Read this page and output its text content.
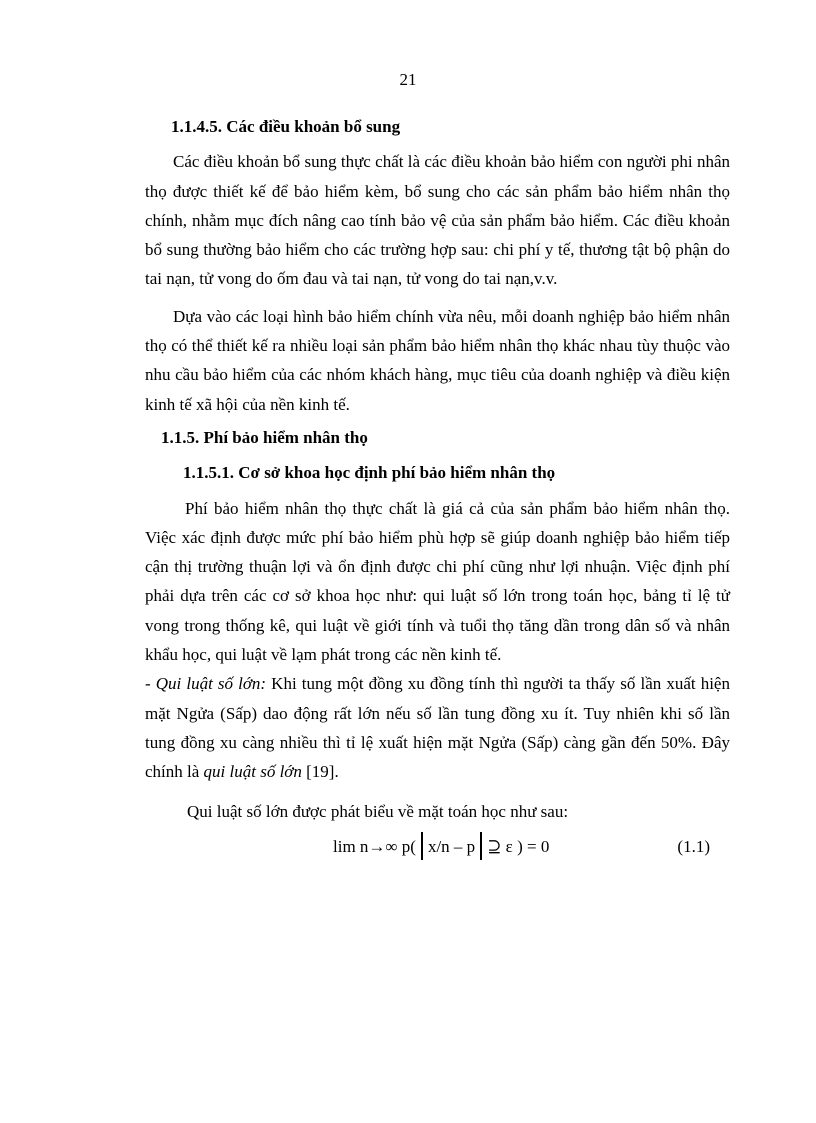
21

1.1.4.5. Các điều khoản bổ sung

Các điều khoản bổ sung thực chất là các điều khoản bảo hiểm con người phi nhân thọ được thiết kế để bảo hiểm kèm, bổ sung cho các sản phẩm bảo hiểm nhân thọ chính, nhằm mục đích nâng cao tính bảo vệ của sản phẩm bảo hiểm. Các điều khoản bổ sung thường bảo hiểm cho các trường hợp sau: chi phí y tế, thương tật bộ phận do tai nạn, tử vong do ốm đau và tai nạn, tử vong do tai nạn,v.v.

Dựa vào các loại hình bảo hiểm chính vừa nêu, mỗi doanh nghiệp bảo hiểm nhân thọ có thể thiết kế ra nhiều loại sản phẩm bảo hiểm nhân thọ khác nhau tùy thuộc vào nhu cầu bảo hiểm của các nhóm khách hàng, mục tiêu của doanh nghiệp và điều kiện kinh tế xã hội của nền kinh tế.

1.1.5. Phí bảo hiểm nhân thọ

1.1.5.1. Cơ sở khoa học định phí bảo hiểm nhân thọ

Phí bảo hiểm nhân thọ thực chất là giá cả của sản phẩm bảo hiểm nhân thọ. Việc xác định được mức phí bảo hiểm phù hợp sẽ giúp doanh nghiệp bảo hiểm tiếp cận thị trường thuận lợi và ổn định được chi phí cũng như lợi nhuận. Việc định phí phải dựa trên các cơ sở khoa học như: qui luật số lớn trong toán học, bảng tỉ lệ tử vong trong thống kê, qui luật về giới tính và tuổi thọ tăng dần trong dân số và nhân khẩu học, qui luật về lạm phát trong các nền kinh tế.

- Qui luật số lớn: Khi tung một đồng xu đồng tính thì người ta thấy số lần xuất hiện mặt Ngửa (Sấp) dao động rất lớn nếu số lần tung đồng xu ít. Tuy nhiên khi số lần tung đồng xu càng nhiều thì tỉ lệ xuất hiện mặt Ngửa (Sấp) càng gần đến 50%. Đây chính là qui luật số lớn [19].

Qui luật số lớn được phát biểu về mặt toán học như sau:

lim n→∞ p( x/n – p ⊇ ε ) = 0	(1.1)
